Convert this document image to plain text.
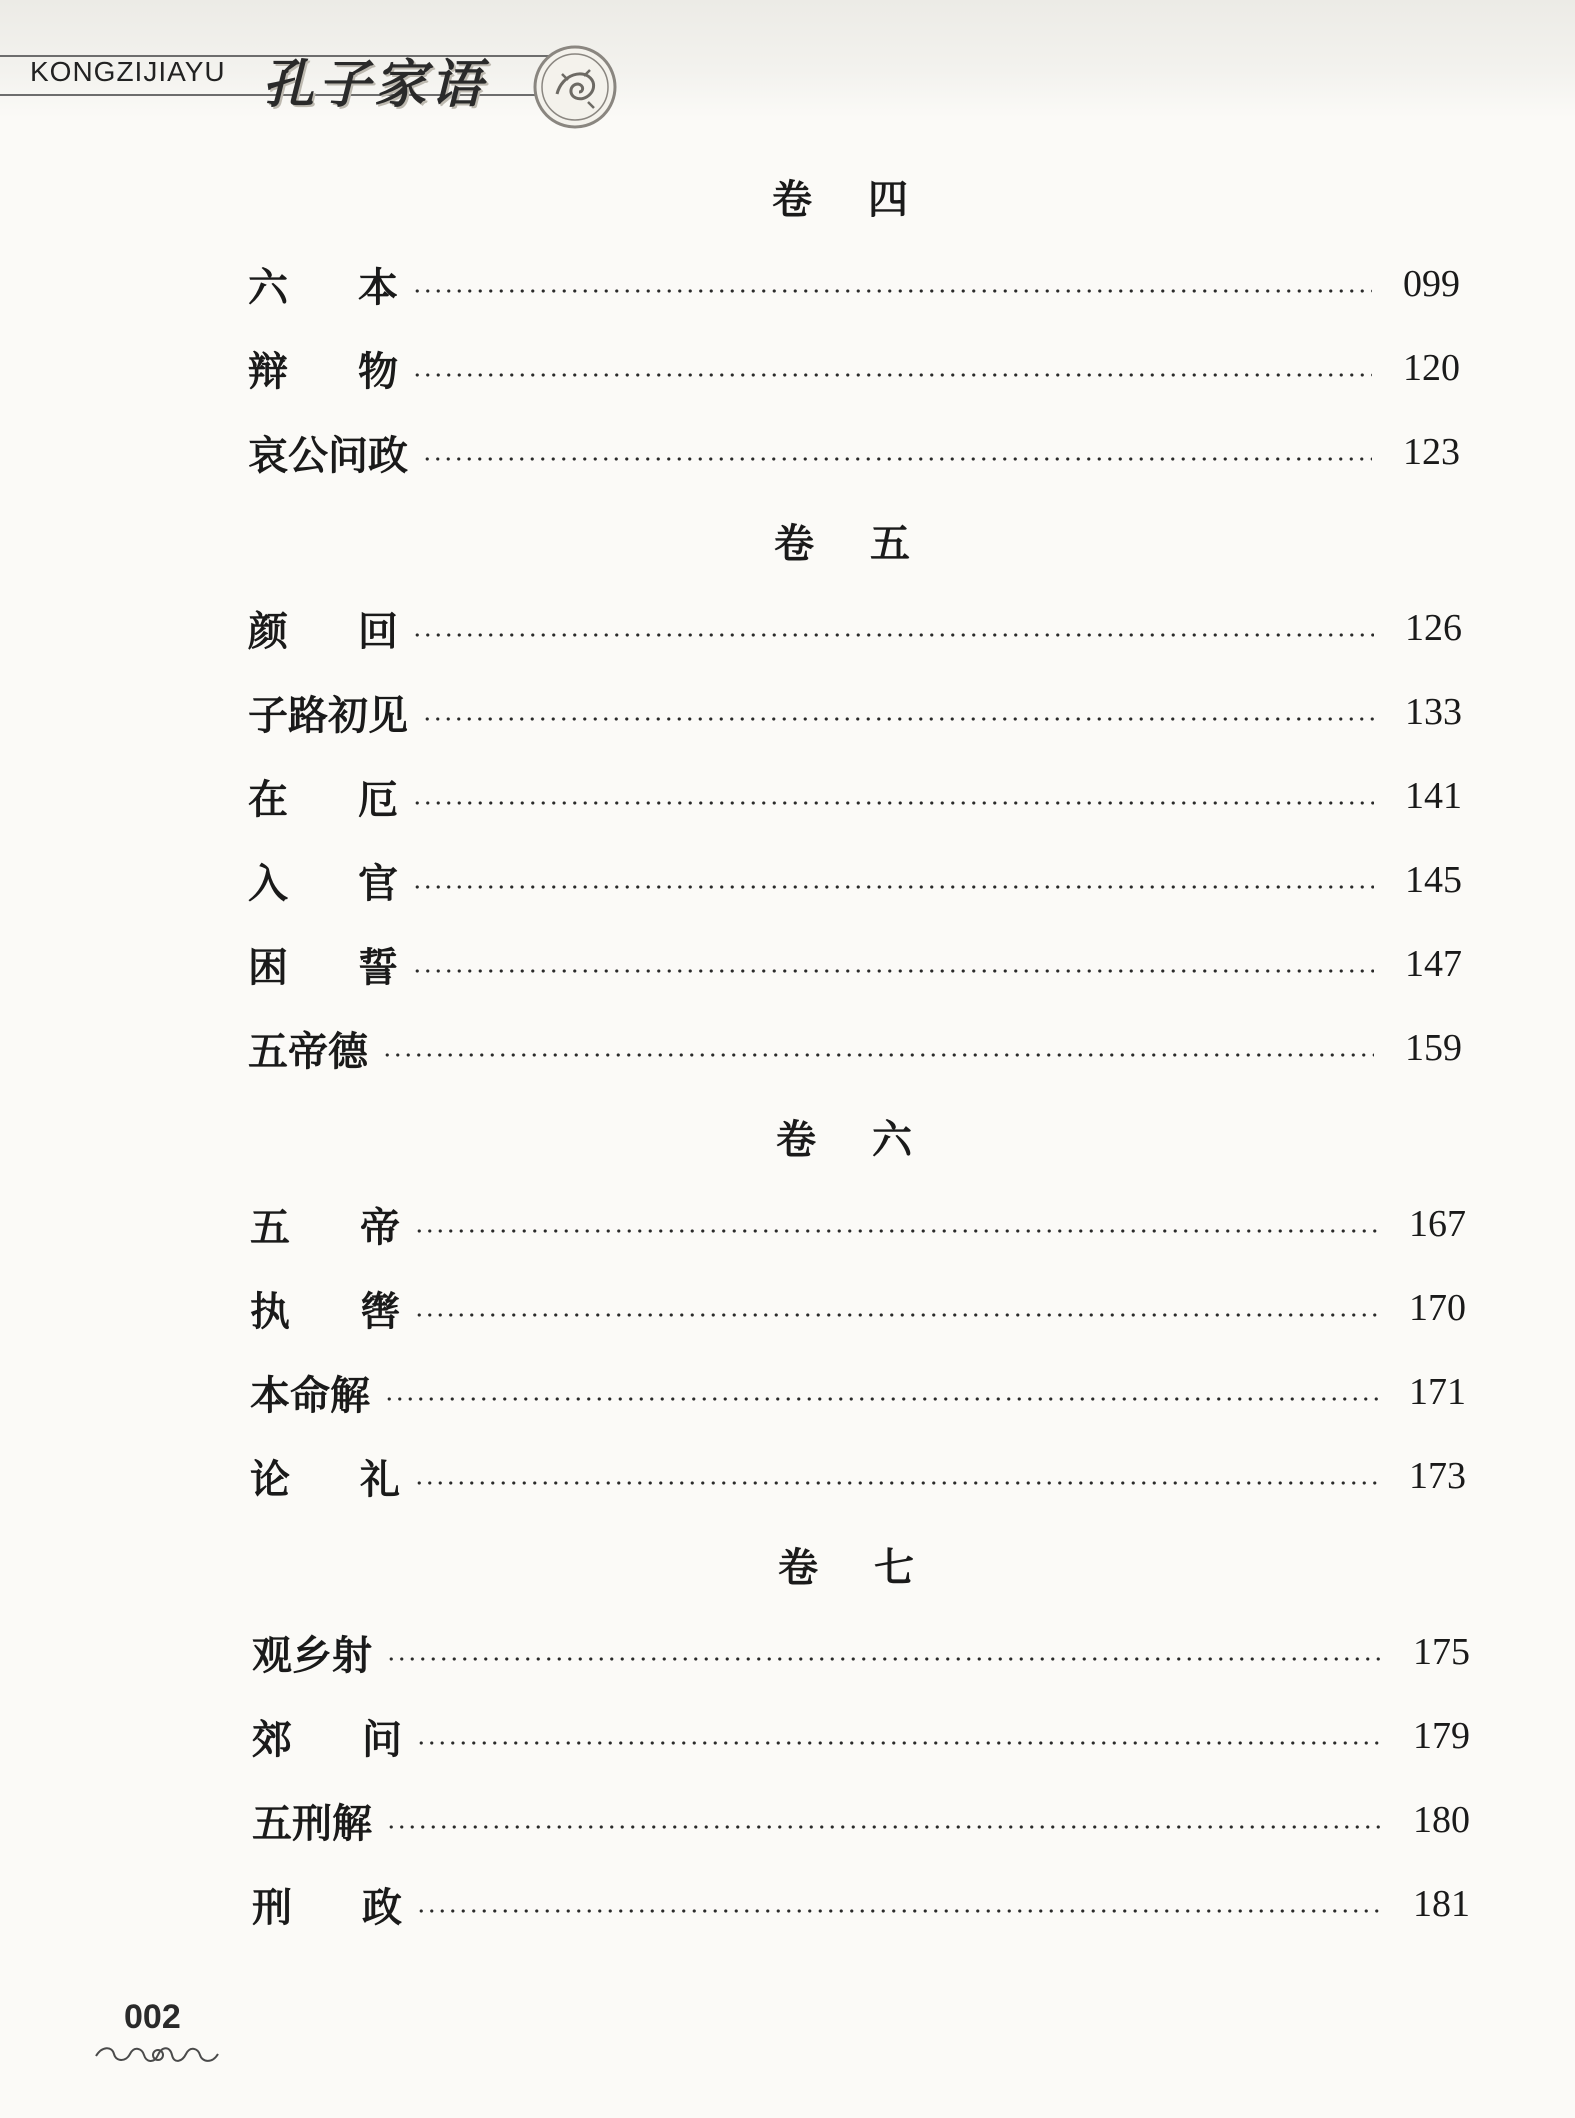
KONGZIJIAYU 孔子家语
卷 四
六 本	099
辩 物	120
哀公问政	123
卷 五
颜 回	126
子路初见	133
在 厄	141
入 官	145
困 誓	147
五帝德	159
卷 六
五 帝	167
执 辔	170
本命解	171
论 礼	173
卷 七
观乡射	175
郊 问	179
五刑解	180
刑 政	181
002
